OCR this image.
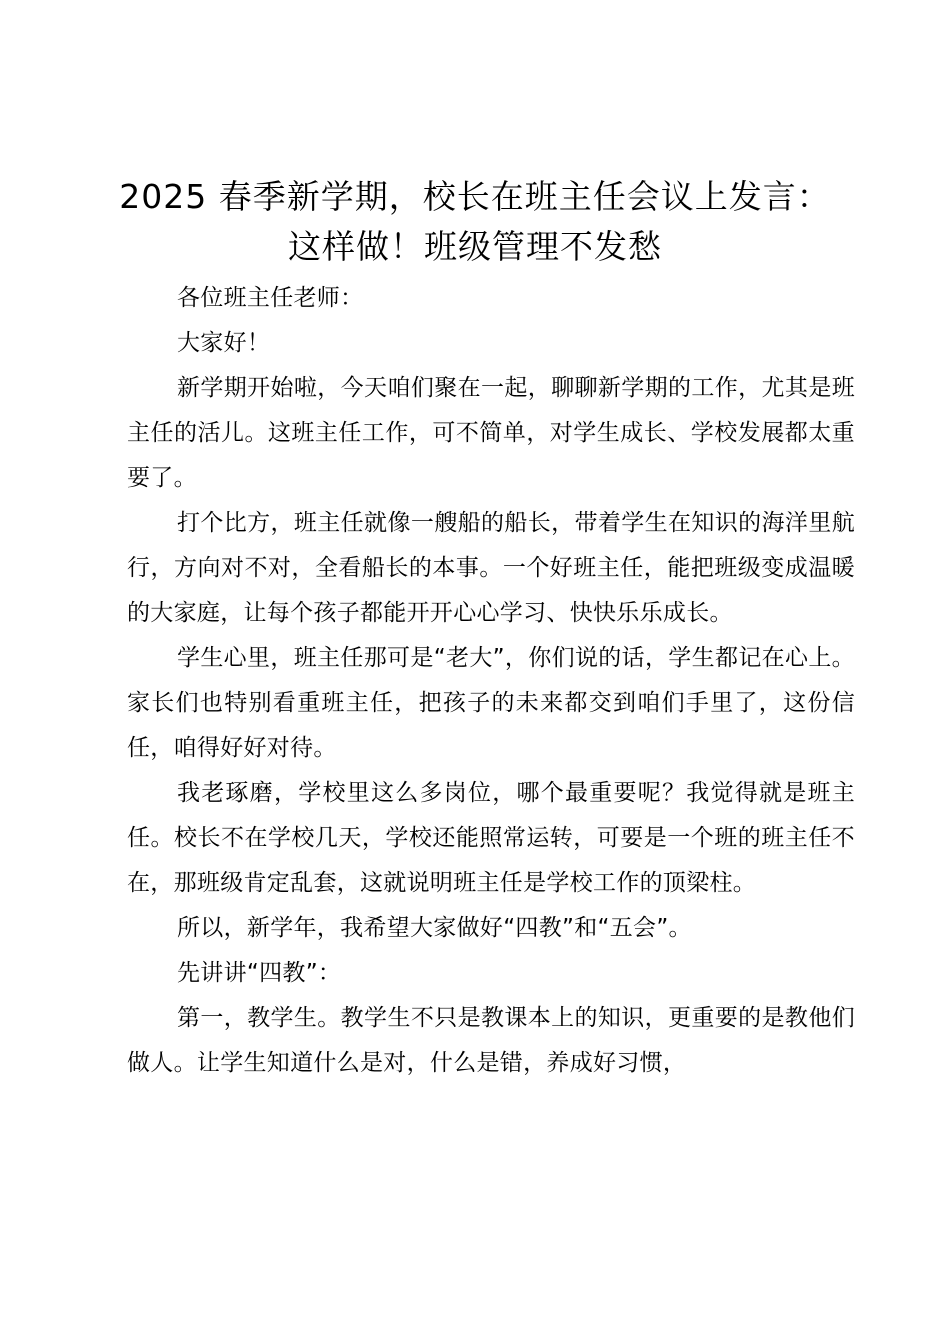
2025 春季新学期，校长在班主任会议上发言：
这样做！班级管理不发愁

各位班主任老师：

大家好！

新学期开始啦，今天咱们聚在一起，聊聊新学期的工作，尤其是班主任的活儿。这班主任工作，可不简单，对学生成长、学校发展都太重要了。

打个比方，班主任就像一艘船的船长，带着学生在知识的海洋里航行，方向对不对，全看船长的本事。一个好班主任，能把班级变成温暖的大家庭，让每个孩子都能开开心心学习、快快乐乐成长。

学生心里，班主任那可是“老大”，你们说的话，学生都记在心上。家长们也特别看重班主任，把孩子的未来都交到咱们手里了，这份信任，咱得好好对待。

我老琢磨，学校里这么多岗位，哪个最重要呢？我觉得就是班主任。校长不在学校几天，学校还能照常运转，可要是一个班的班主任不在，那班级肯定乱套，这就说明班主任是学校工作的顶梁柱。

所以，新学年，我希望大家做好“四教”和“五会”。

先讲讲“四教”：

第一，教学生。教学生不只是教课本上的知识，更重要的是教他们做人。让学生知道什么是对，什么是错，养成好习惯，
